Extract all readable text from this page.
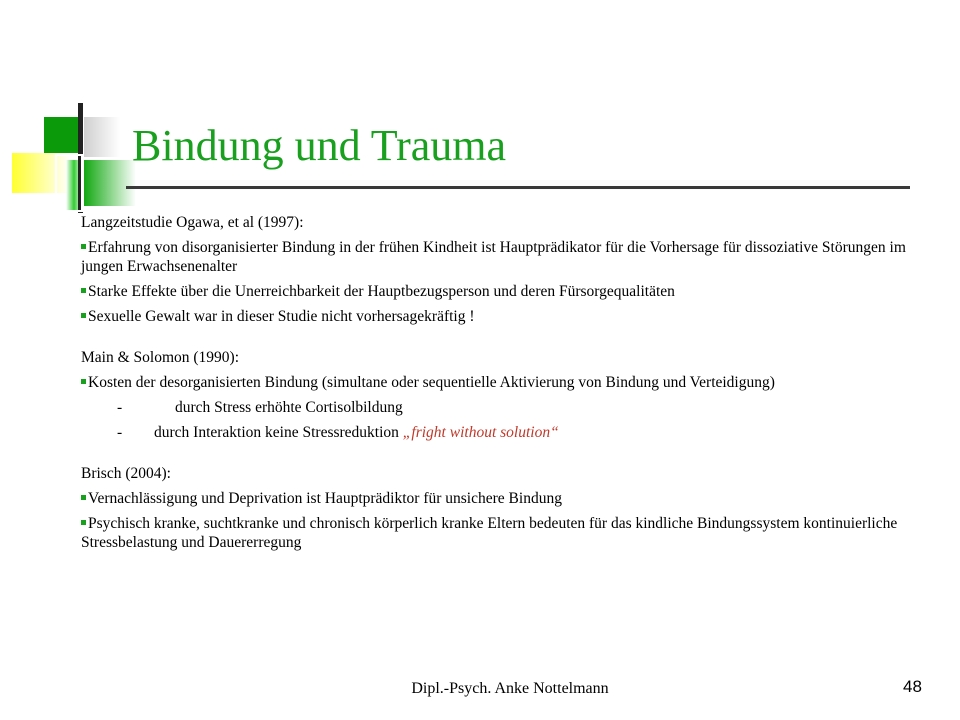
Bindung und Trauma

Langzeitstudie Ogawa, et al (1997):

Erfahrung von disorganisierter Bindung in der frühen Kindheit ist Hauptprädikator für die Vorhersage für dissoziative Störungen im jungen Erwachsenenalter

Starke Effekte über die Unerreichbarkeit der Hauptbezugsperson und deren Fürsorgequalitäten

Sexuelle Gewalt war in dieser Studie nicht vorhersagekräftig !

Main & Solomon (1990):

Kosten der desorganisierten Bindung (simultane oder sequentielle Aktivierung von Bindung und Verteidigung)

-	durch Stress erhöhte Cortisolbildung

- durch Interaktion keine Stressreduktion „fright without solution“

Brisch (2004):

Vernachlässigung und Deprivation ist Hauptprädiktor für unsichere Bindung

Psychisch kranke, suchtkranke und chronisch körperlich kranke Eltern bedeuten für das kindliche Bindungssystem kontinuierliche Stressbelastung und Dauererregung

Dipl.-Psych. Anke Nottelmann	48
